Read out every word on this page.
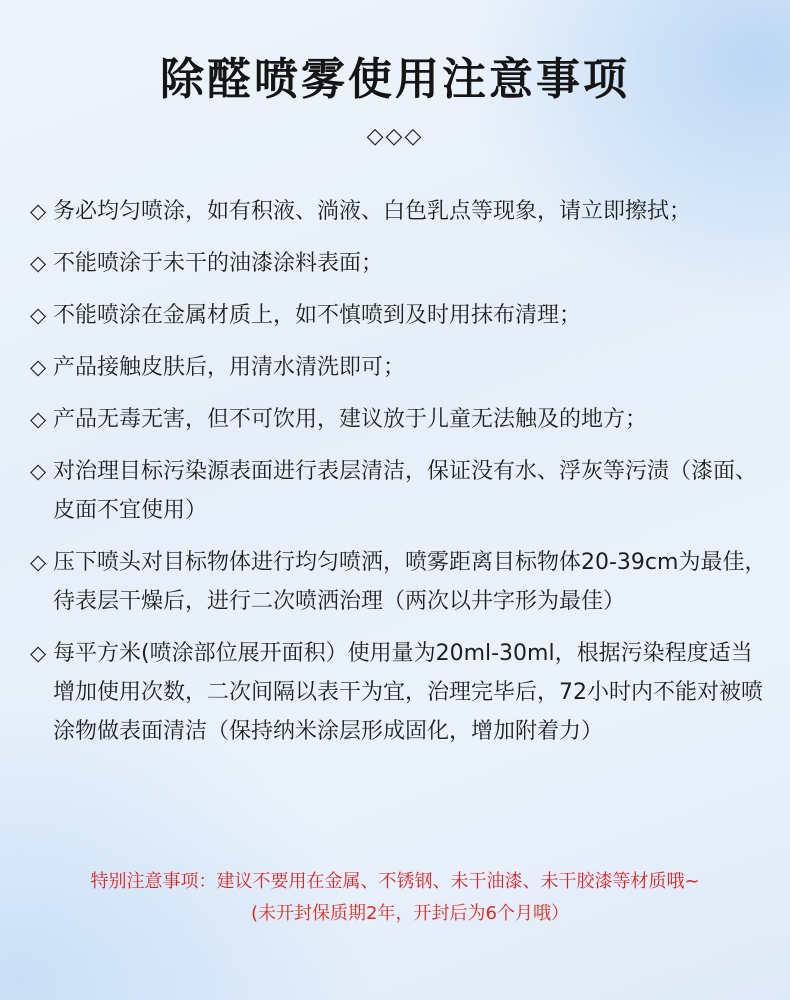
除醛喷雾使用注意事项
◇◇◇
◇ 务必均匀喷涂，如有积液、淌液、白色乳点等现象，请立即擦拭；
◇ 不能喷涂于未干的油漆涂料表面；
◇ 不能喷涂在金属材质上，如不慎喷到及时用抹布清理；
◇ 产品接触皮肤后，用清水清洗即可；
◇ 产品无毒无害，但不可饮用，建议放于儿童无法触及的地方；
◇ 对治理目标污染源表面进行表层清洁，保证没有水、浮灰等污渍（漆面、皮面不宜使用）
◇ 压下喷头对目标物体进行均匀喷洒，喷雾距离目标物体20-39cm为最佳，待表层干燥后，进行二次喷洒治理（两次以井字形为最佳）
◇ 每平方米(喷涂部位展开面积）使用量为20ml-30ml，根据污染程度适当增加使用次数，二次间隔以表干为宜，治理完毕后，72小时内不能对被喷涂物做表面清洁（保持纳米涂层形成固化，增加附着力）
特别注意事项：建议不要用在金属、不锈钢、未干油漆、未干胶漆等材质哦~
(未开封保质期2年，开封后为6个月哦）
